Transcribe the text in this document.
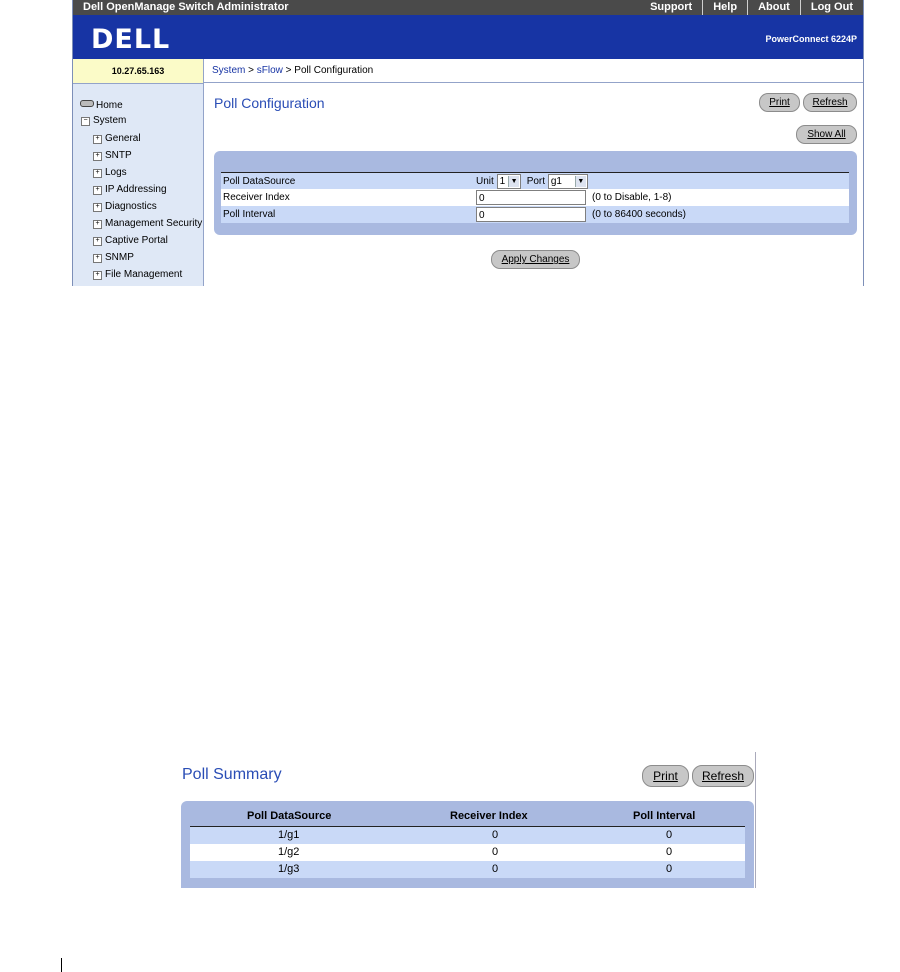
Dell OpenManage Switch Administrator	Support	Help	About	Log Out
DELL	PowerConnect 6224P
10.27.65.163	System > sFlow > Poll Configuration
Home
− System
+ General
+ SNTP
+ Logs
+ IP Addressing
+ Diagnostics
+ Management Security
+ Captive Portal
+ SNMP
+ File Management
Poll Configuration	Print	Refresh
Show All
Poll DataSource	Unit 1 ▼ Port g1	▼
Receiver Index	0	(0 to Disable, 1-8)
Poll Interval	0	(0 to 86400 seconds)
Apply Changes
Poll Summary	Print	Refresh
Poll DataSource	Receiver Index	Poll Interval
1/g1	0	0
1/g2	0	0
1/g3	0	0
